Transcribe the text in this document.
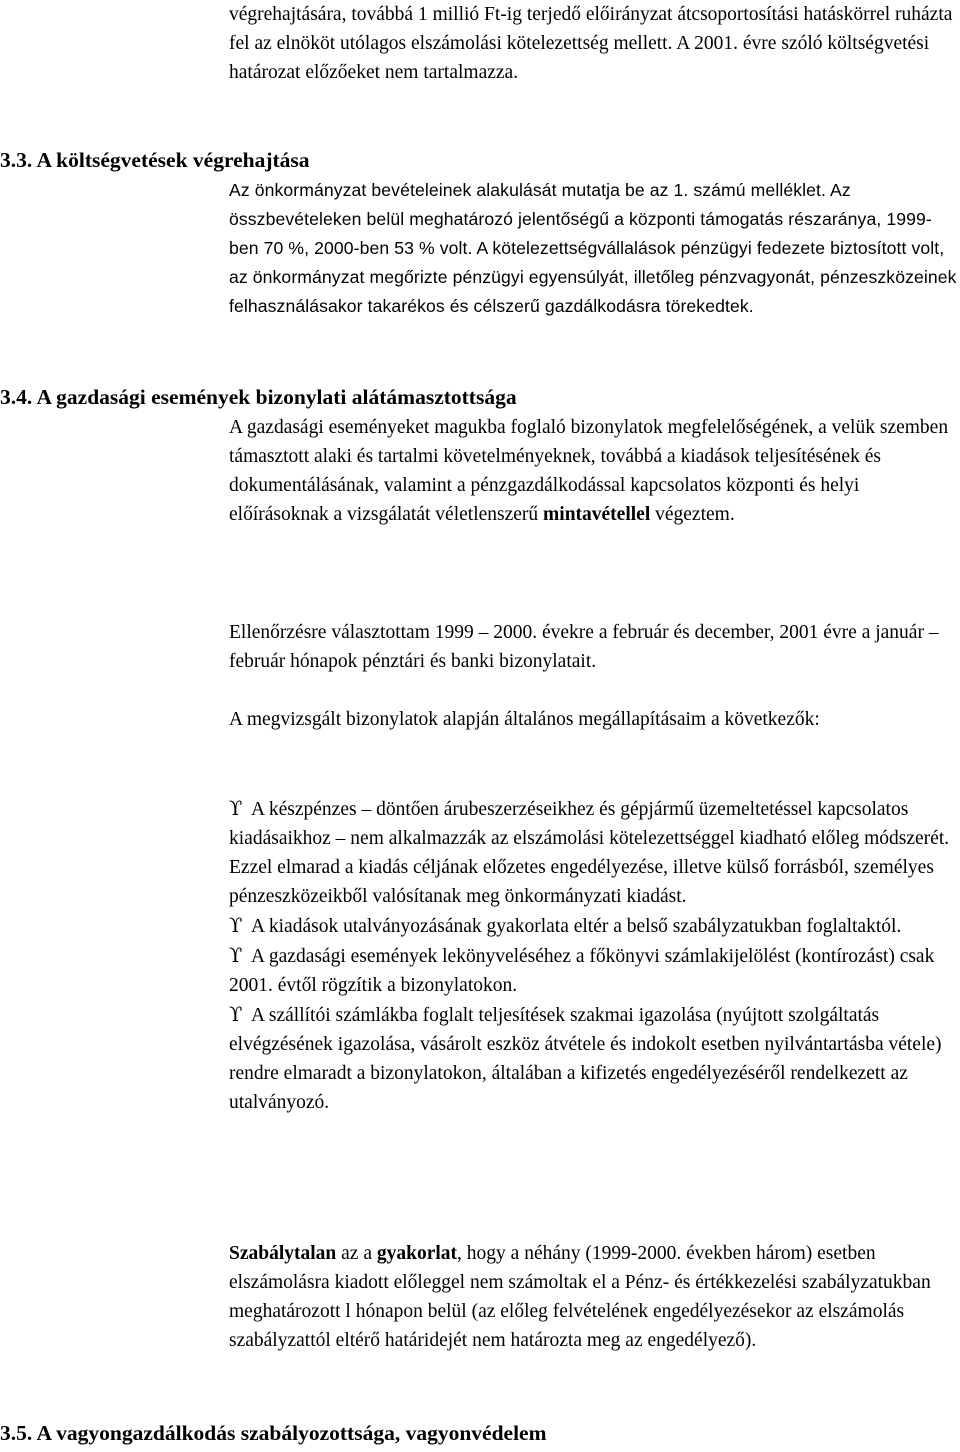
végrehajtására, továbbá 1 millió Ft-ig terjedő előirányzat átcsoportosítási hatáskörrel ruházta fel az elnököt utólagos elszámolási kötelezettség mellett. A 2001. évre szóló költségvetési határozat előzőeket nem tartalmazza.

3.3. A költségvetések végrehajtása

Az önkormányzat bevételeinek alakulását mutatja be az 1. számú melléklet. Az összbevételeken belül meghatározó jelentőségű a központi támogatás részaránya, 1999-ben 70 %, 2000-ben 53 % volt. A kötelezettségvállalások pénzügyi fedezete biztosított volt, az önkormányzat megőrizte pénzügyi egyensúlyát, illetőleg pénzvagyonát, pénzeszközeinek felhasználásakor takarékos és célszerű gazdálkodásra törekedtek.

3.4. A gazdasági események bizonylati alátámasztottsága

A gazdasági eseményeket magukba foglaló bizonylatok megfelelőségének, a velük szemben támasztott alaki és tartalmi követelményeknek, továbbá a kiadások teljesítésének és dokumentálásának, valamint a pénzgazdálkodással kapcsolatos központi és helyi előírásoknak a vizsgálatát véletlenszerű mintavétellel végeztem.

Ellenőrzésre választottam 1999 – 2000. évekre a február és december, 2001 évre a január – február hónapok pénztári és banki bizonylatait.

A megvizsgált bizonylatok alapján általános megállapításaim a következők:

ϒ A készpénzes – döntően árubeszerzéseikhez és gépjármű üzemeltetéssel kapcsolatos kiadásaikhoz – nem alkalmazzák az elszámolási kötelezettséggel kiadható előleg módszerét. Ezzel elmarad a kiadás céljának előzetes engedélyezése, illetve külső forrásból, személyes pénzeszközeikből valósítanak meg önkormányzati kiadást.

ϒ A kiadások utalványozásának gyakorlata eltér a belső szabályzatukban foglaltaktól.

ϒ A gazdasági események lekönyveléséhez a főkönyvi számlakijelölést (kontírozást) csak 2001. évtől rögzítik a bizonylatokon.

ϒ A szállítói számlákba foglalt teljesítések szakmai igazolása (nyújtott szolgáltatás elvégzésének igazolása, vásárolt eszköz átvétele és indokolt esetben nyilvántartásba vétele) rendre elmaradt a bizonylatokon, általában a kifizetés engedélyezéséről rendelkezett az utalványozó.

Szabálytalan az a gyakorlat, hogy a néhány (1999-2000. években három) esetben elszámolásra kiadott előleggel nem számoltak el a Pénz- és értékkezelési szabályzatukban meghatározott l hónapon belül (az előleg felvételének engedélyezésekor az elszámolás szabályzattól eltérő határidejét nem határozta meg az engedélyező).

3.5. A vagyongazdálkodás szabályozottsága, vagyonvédelem
